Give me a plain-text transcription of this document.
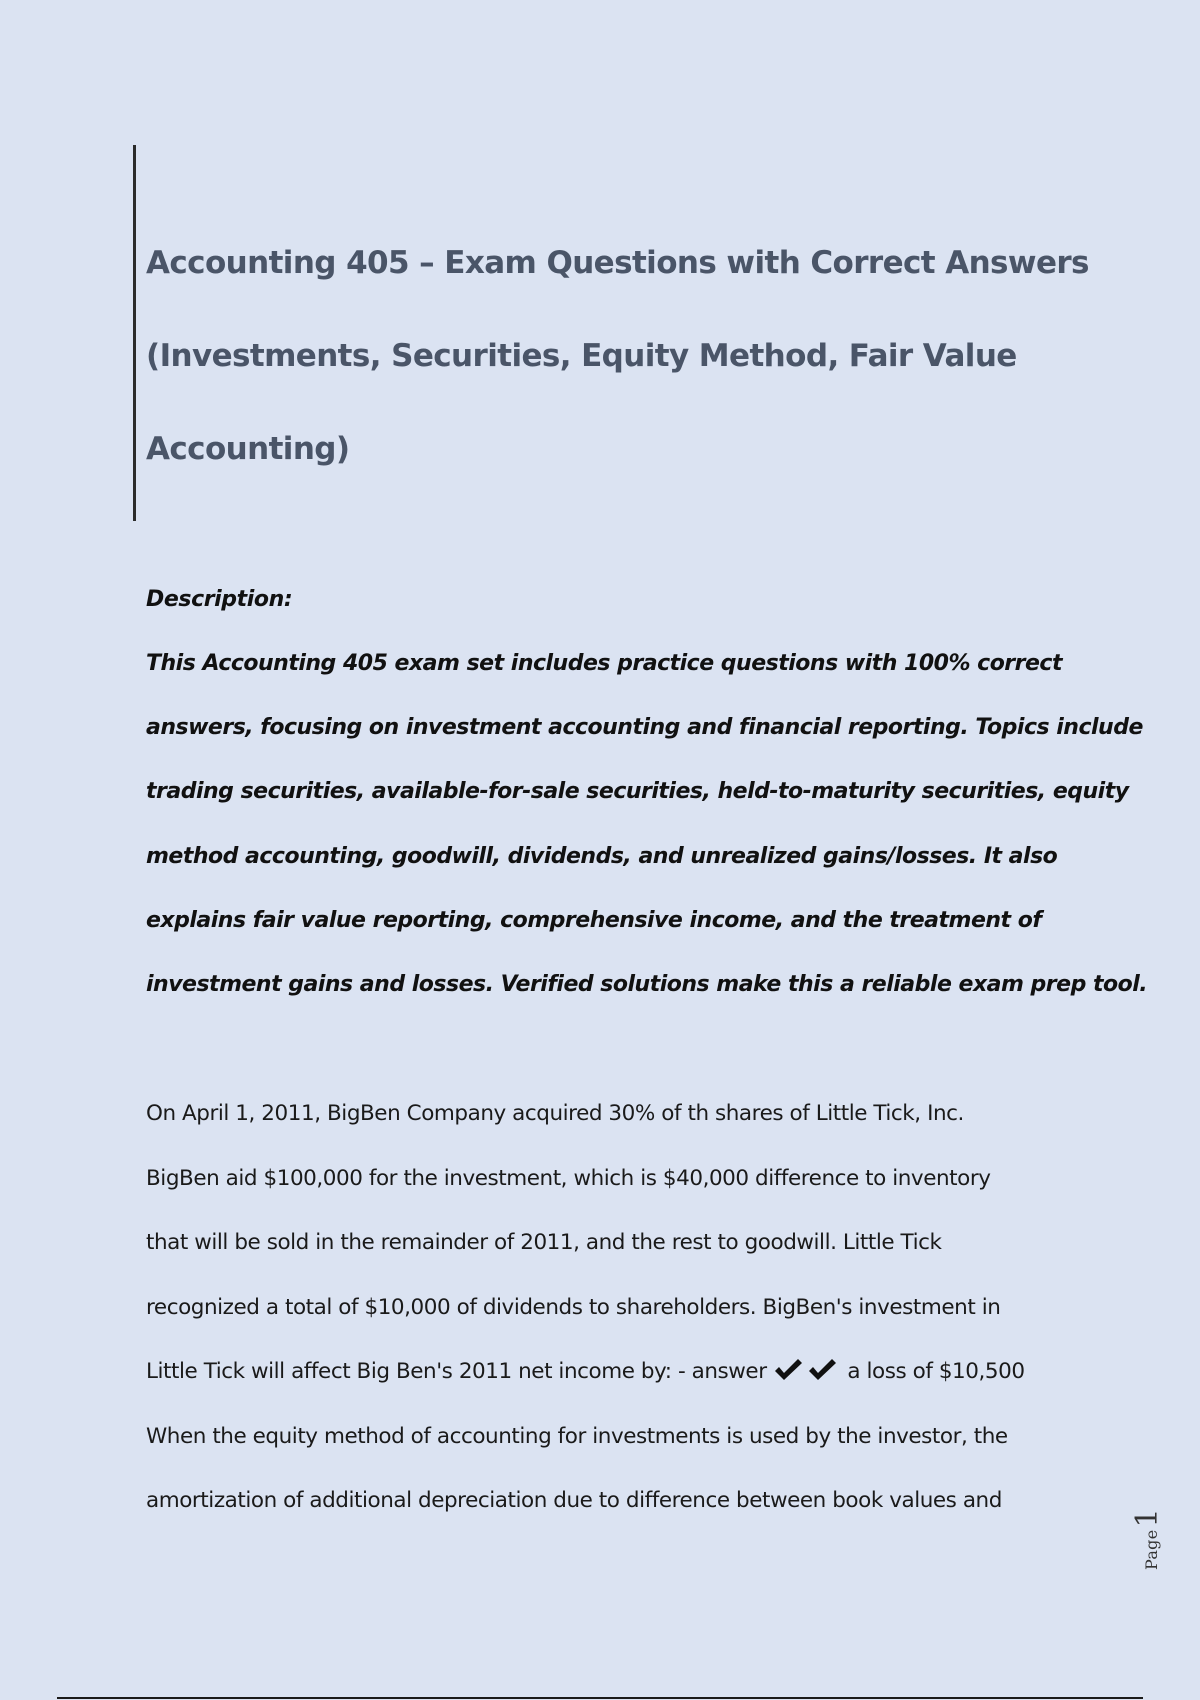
Accounting 405 – Exam Questions with Correct Answers
(Investments, Securities, Equity Method, Fair Value
Accounting)
Description:
This Accounting 405 exam set includes practice questions with 100% correct
answers, focusing on investment accounting and financial reporting. Topics include
trading securities, available-for-sale securities, held-to-maturity securities, equity
method accounting, goodwill, dividends, and unrealized gains/losses. It also
explains fair value reporting, comprehensive income, and the treatment of
investment gains and losses. Verified solutions make this a reliable exam prep tool.
On April 1, 2011, BigBen Company acquired 30% of th shares of Little Tick, Inc.
BigBen aid $100,000 for the investment, which is $40,000 difference to inventory
that will be sold in the remainder of 2011, and the rest to goodwill. Little Tick
recognized a total of $10,000 of dividends to shareholders. BigBen's investment in
Little Tick will affect Big Ben's 2011 net income by: - answer	a loss of $10,500
When the equity method of accounting for investments is used by the investor, the
amortization of additional depreciation due to difference between book values and
Page1
